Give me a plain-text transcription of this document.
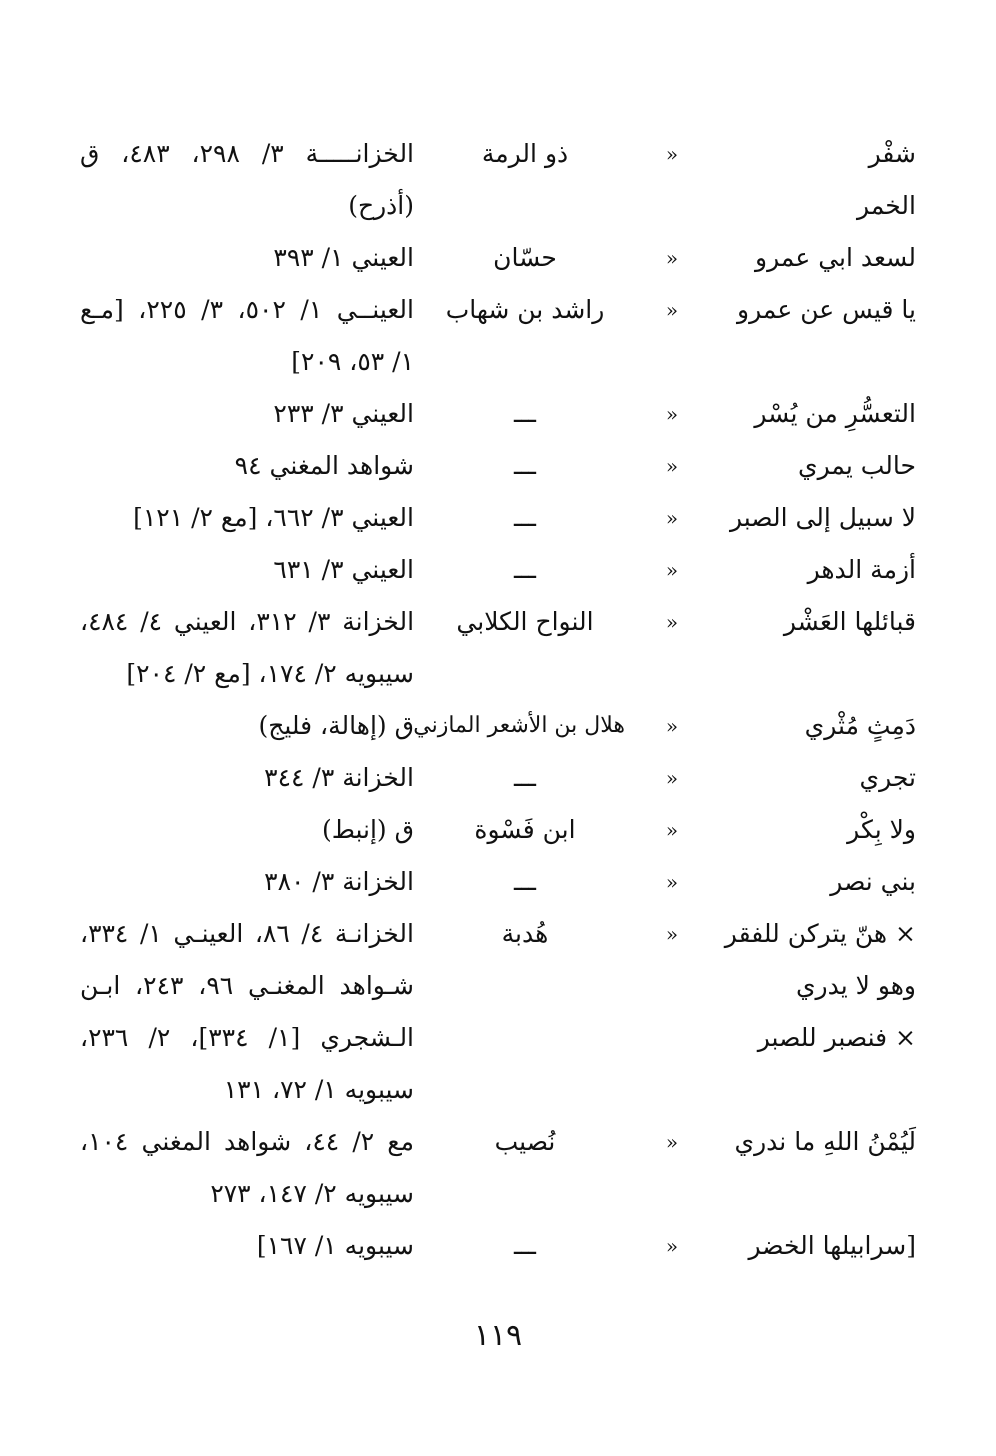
شفْر
«
ذو الرمة
الخزانـــــة ٣/ ٢٩٨، ٤٨٣، ق
الخمر
(أذرح)
لسعد ابي عمرو
«
حسّان
العيني ١/ ٣٩٣
يا قيس عن عمرو
«
راشد بن شهاب
العينــي ١/ ٥٠٢، ٣/ ٢٢٥، [مـع
١/ ٥٣، ٢٠٩]
التعسُّرِ من يُسْر
«
ـــ
العيني ٣/ ٢٣٣
حالب يمري
«
ـــ
شواهد المغني ٩٤
لا سبيل إلى الصبر
«
ـــ
العيني ٣/ ٦٦٢، [مع ٢/ ١٢١]
أزمة الدهر
«
ـــ
العيني ٣/ ٦٣١
قبائلها العَشْر
«
النواح الكلابي
الخزانة ٣/ ٣١٢، العيني ٤/ ٤٨٤،
سيبويه ٢/ ١٧٤، [مع ٢/ ٢٠٤]
دَمِثٍ مُثْري
«
هلال بن الأشعر المازني
ق (إهالة، فليج)
تجري
«
ـــ
الخزانة ٣/ ٣٤٤
ولا بِكْر
«
ابن فَسْوة
ق (إنبط)
بني نصر
«
ـــ
الخزانة ٣/ ٣٨٠
× هنّ يتركن للفقر
«
هُدبة
الخزانـة ٤/ ٨٦، العينـي ١/ ٣٣٤،
وهو لا يدري
شـواهد المغنـي ٩٦، ٢٤٣، ابـن
× فنصبر للصبر
الـشجري [١/ ٣٣٤]، ٢/ ٢٣٦،
سيبويه ١/ ٧٢، ١٣١
لَيُمْنُ اللهِ ما ندري
«
نُصيب
مع ٢/ ٤٤، شواهد المغني ١٠٤،
سيبويه ٢/ ١٤٧، ٢٧٣
[سرابيلها الخضر
«
ـــ
سيبويه ١/ ١٦٧]
١١٩
